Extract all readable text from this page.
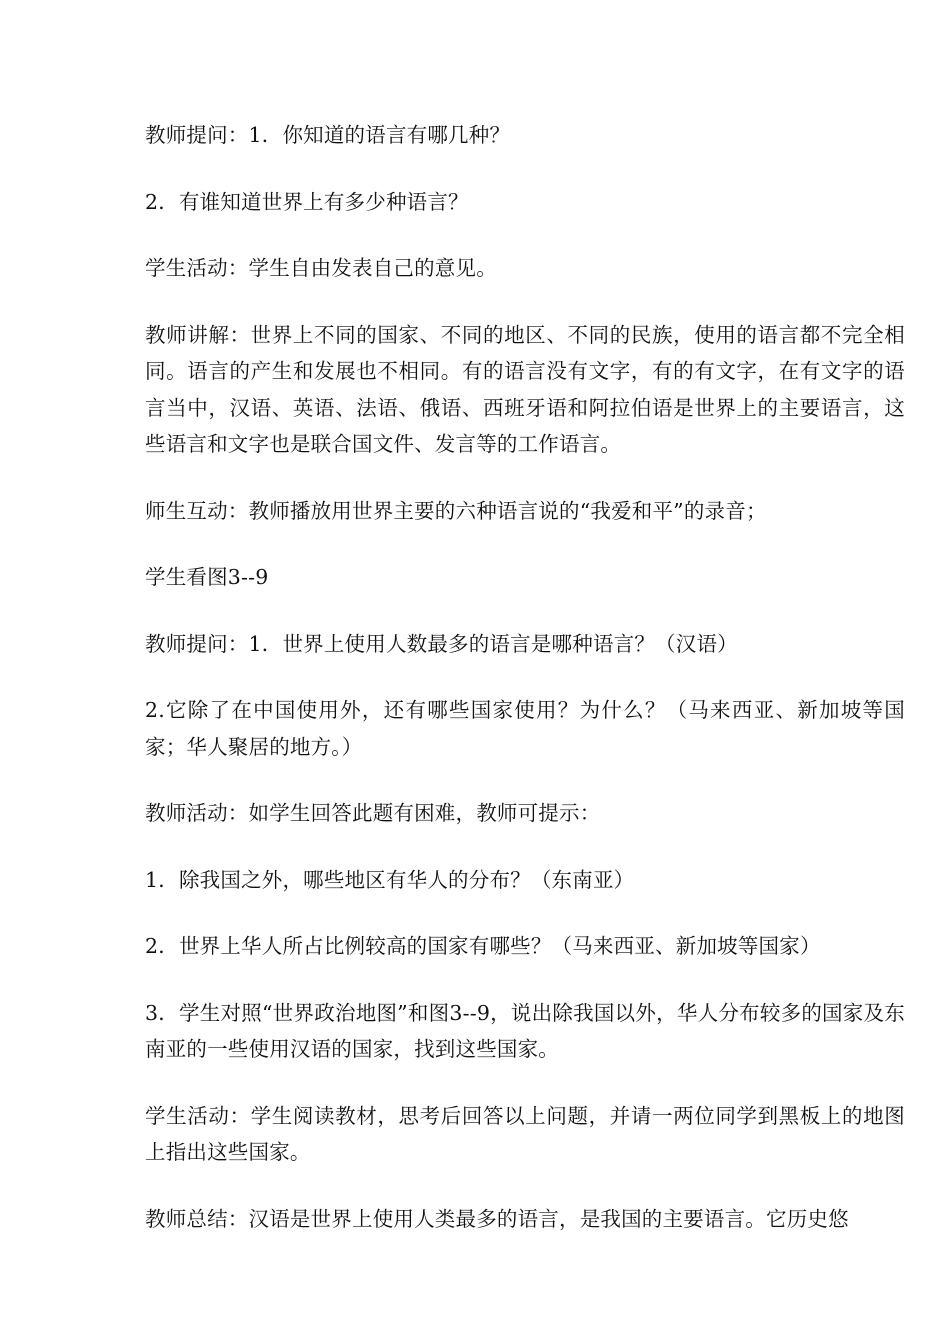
教师提问：1．你知道的语言有哪几种？

2．有谁知道世界上有多少种语言？

学生活动：学生自由发表自己的意见。

教师讲解：世界上不同的国家、不同的地区、不同的民族，使用的语言都不完全相同。语言的产生和发展也不相同。有的语言没有文字，有的有文字，在有文字的语言当中，汉语、英语、法语、俄语、西班牙语和阿拉伯语是世界上的主要语言，这些语言和文字也是联合国文件、发言等的工作语言。

师生互动：教师播放用世界主要的六种语言说的“我爱和平”的录音；

学生看图3--9

教师提问：1．世界上使用人数最多的语言是哪种语言？（汉语）

2.它除了在中国使用外，还有哪些国家使用？为什么？（马来西亚、新加坡等国家；华人聚居的地方。）

教师活动：如学生回答此题有困难，教师可提示：

1．除我国之外，哪些地区有华人的分布？（东南亚）

2．世界上华人所占比例较高的国家有哪些？（马来西亚、新加坡等国家）

3．学生对照“世界政治地图”和图3--9，说出除我国以外，华人分布较多的国家及东南亚的一些使用汉语的国家，找到这些国家。

学生活动：学生阅读教材，思考后回答以上问题，并请一两位同学到黑板上的地图上指出这些国家。

教师总结：汉语是世界上使用人类最多的语言，是我国的主要语言。它历史悠
